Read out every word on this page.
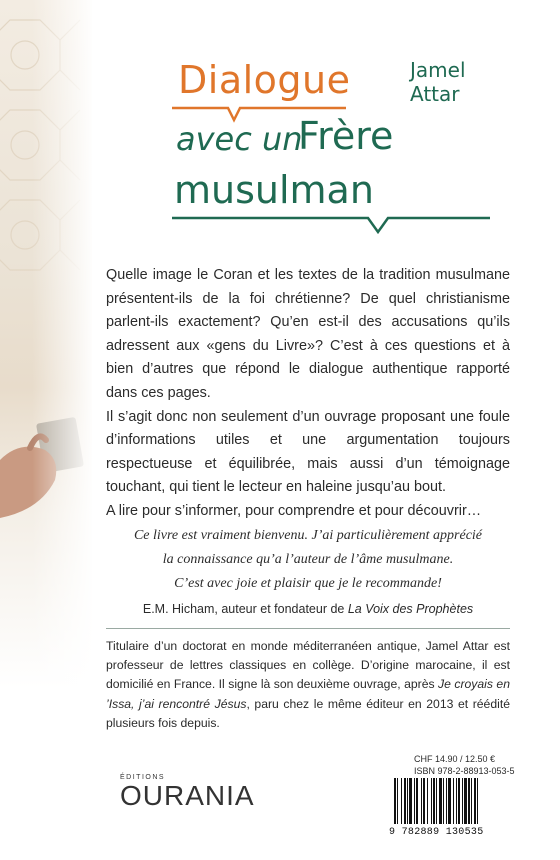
Dialogue	Jamel
Attar
avec un
Frère
musulman

Quelle image le Coran et les textes de la tradition musulmane présentent-ils de la foi chrétienne? De quel christianisme parlent-ils exactement? Qu’en est-il des accusations qu’ils adressent aux «gens du Livre»? C’est à ces questions et à bien d’autres que répond le dialogue authentique rapporté dans ces pages.

Il s’agit donc non seulement d’un ouvrage proposant une foule d’informations utiles et une argumentation toujours respectueuse et équilibrée, mais aussi d’un témoignage touchant, qui tient le lecteur en haleine jusqu’au bout.

A lire pour s’informer, pour comprendre et pour découvrir…

Ce livre est vraiment bienvenu. J’ai particulièrement apprécié

la connaissance qu’a l’auteur de l’âme musulmane.

C’est avec joie et plaisir que je le recommande!

E.M. Hicham, auteur et fondateur de La Voix des Prophètes
Titulaire d’un doctorat en monde méditerranéen antique, Jamel Attar est professeur de lettres classiques en collège. D’origine marocaine, il est domicilié en France. Il signe là son deuxième ouvrage, après Je croyais en ’Issa, j’ai rencontré Jésus, paru chez le même éditeur en 2013 et réédité plusieurs fois depuis.
ÉDITIONS
OURANIA
CHF 14.90 / 12.50 €
ISBN 978-2-88913-053-5
9 782889 130535
